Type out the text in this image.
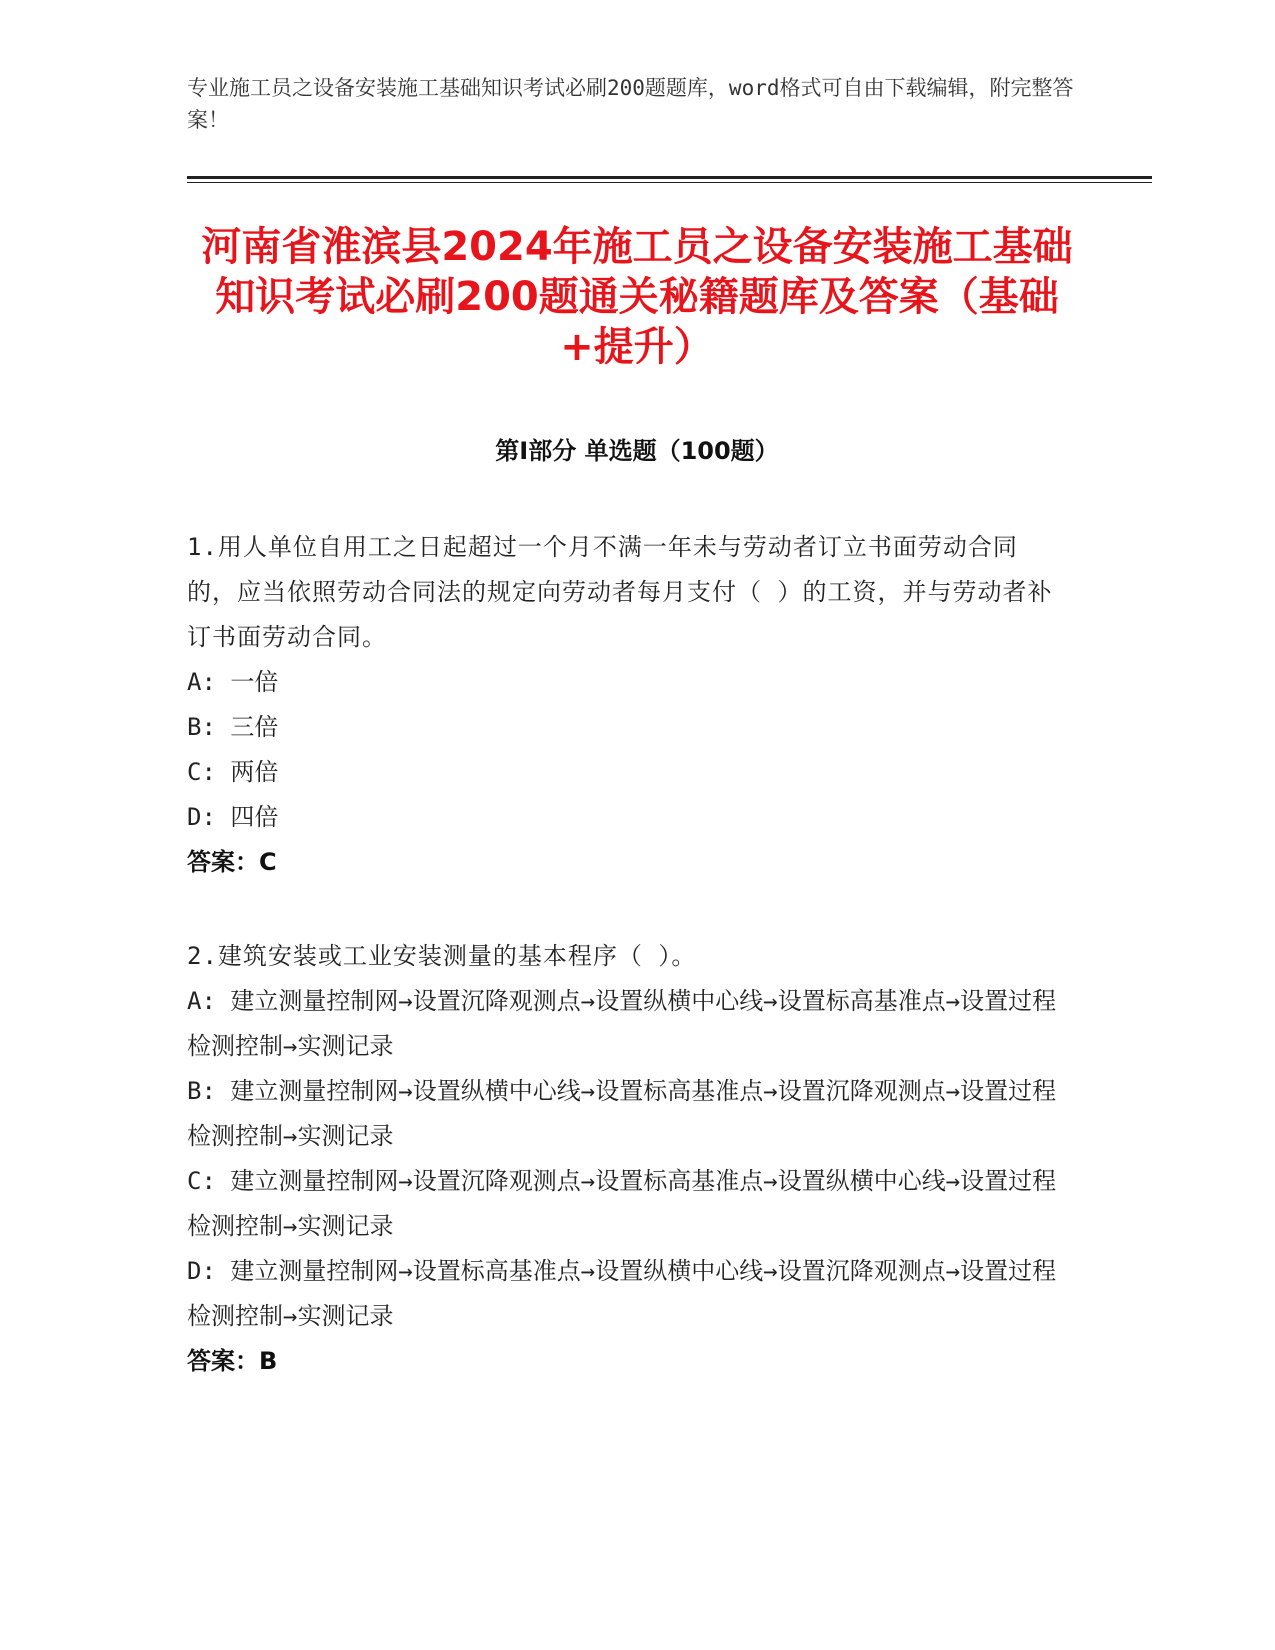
专业施工员之设备安装施工基础知识考试必刷200题题库，word格式可自由下载编辑，附完整答案！
河南省淮滨县2024年施工员之设备安装施工基础知识考试必刷200题通关秘籍题库及答案（基础+提升）
第Ⅰ部分 单选题（100题）
1.用人单位自用工之日起超过一个月不满一年未与劳动者订立书面劳动合同的，应当依照劳动合同法的规定向劳动者每月支付（ ）的工资，并与劳动者补订书面劳动合同。
A: 一倍
B: 三倍
C: 两倍
D: 四倍
答案：C
2.建筑安装或工业安装测量的基本程序（ ）。
A: 建立测量控制网→设置沉降观测点→设置纵横中心线→设置标高基准点→设置过程检测控制→实测记录
B: 建立测量控制网→设置纵横中心线→设置标高基准点→设置沉降观测点→设置过程检测控制→实测记录
C: 建立测量控制网→设置沉降观测点→设置标高基准点→设置纵横中心线→设置过程检测控制→实测记录
D: 建立测量控制网→设置标高基准点→设置纵横中心线→设置沉降观测点→设置过程检测控制→实测记录
答案：B
